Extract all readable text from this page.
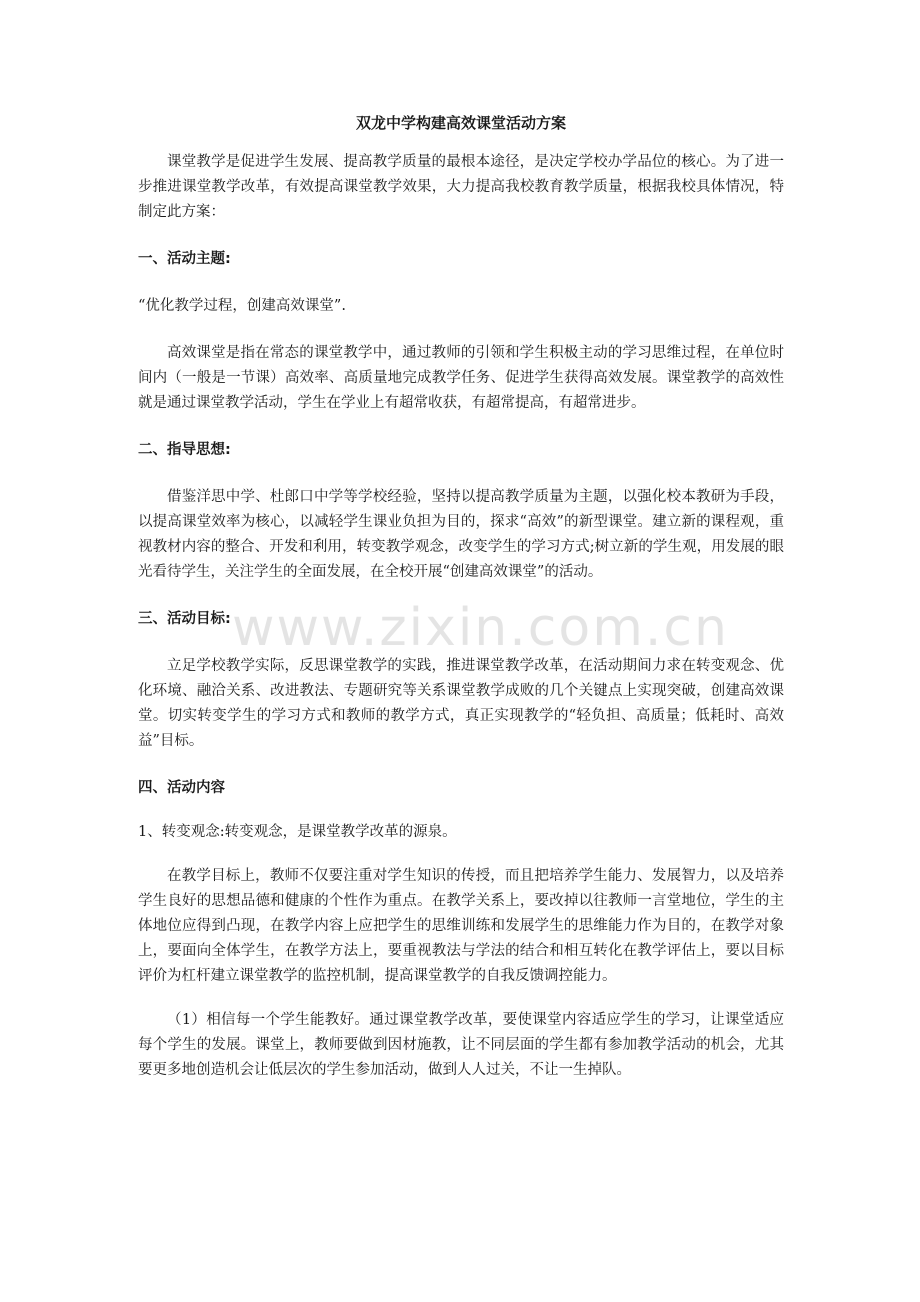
双龙中学构建高效课堂活动方案

课堂教学是促进学生发展、提高教学质量的最根本途径，是决定学校办学品位的核心。为了进一步推进课堂教学改革，有效提高课堂教学效果，大力提高我校教育教学质量，根据我校具体情况，特制定此方案：

一、活动主题:

“优化教学过程，创建高效课堂”.

高效课堂是指在常态的课堂教学中，通过教师的引领和学生积极主动的学习思维过程，在单位时间内（一般是一节课）高效率、高质量地完成教学任务、促进学生获得高效发展。课堂教学的高效性就是通过课堂教学活动，学生在学业上有超常收获，有超常提高，有超常进步。

二、指导思想:

借鉴洋思中学、杜郎口中学等学校经验，坚持以提高教学质量为主题，以强化校本教研为手段，以提高课堂效率为核心，以减轻学生课业负担为目的，探求“高效”的新型课堂。建立新的课程观，重视教材内容的整合、开发和利用，转变教学观念，改变学生的学习方式;树立新的学生观，用发展的眼光看待学生，关注学生的全面发展，在全校开展“创建高效课堂”的活动。

三、活动目标:

立足学校教学实际，反思课堂教学的实践，推进课堂教学改革，在活动期间力求在转变观念、优化环境、融洽关系、改进教法、专题研究等关系课堂教学成败的几个关键点上实现突破，创建高效课堂。切实转变学生的学习方式和教师的教学方式，真正实现教学的“轻负担、高质量；低耗时、高效益”目标。

四、活动内容

1、转变观念:转变观念，是课堂教学改革的源泉。

在教学目标上，教师不仅要注重对学生知识的传授，而且把培养学生能力、发展智力，以及培养学生良好的思想品德和健康的个性作为重点。在教学关系上，要改掉以往教师一言堂地位，学生的主体地位应得到凸现，在教学内容上应把学生的思维训练和发展学生的思维能力作为目的，在教学对象上，要面向全体学生，在教学方法上，要重视教法与学法的结合和相互转化在教学评估上，要以目标评价为杠杆建立课堂教学的监控机制，提高课堂教学的自我反馈调控能力。

（1）相信每一个学生能教好。通过课堂教学改革，要使课堂内容适应学生的学习，让课堂适应每个学生的发展。课堂上，教师要做到因材施教，让不同层面的学生都有参加教学活动的机会，尤其要更多地创造机会让低层次的学生参加活动，做到人人过关，不让一生掉队。

www.zixin.com.cn
